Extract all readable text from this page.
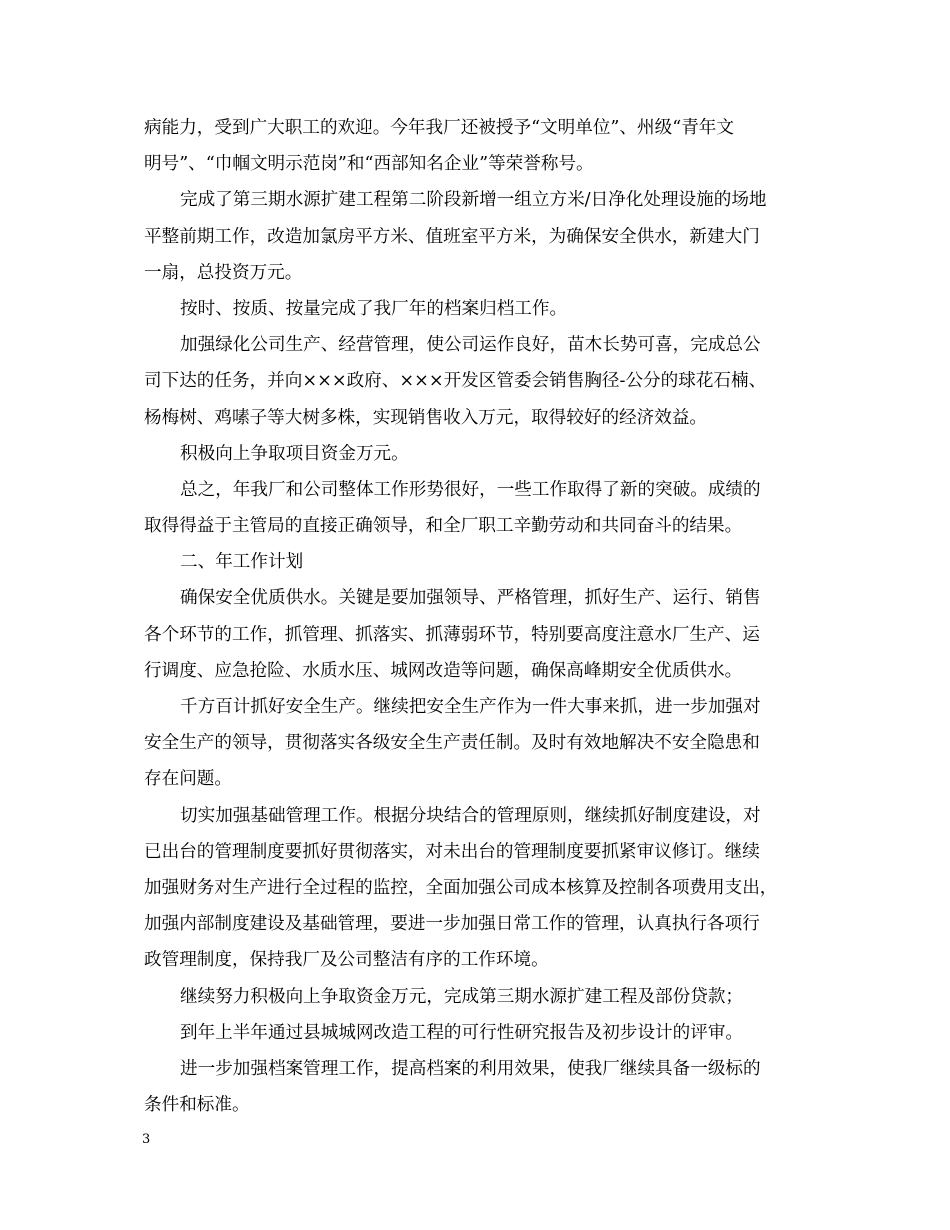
病能力，受到广大职工的欢迎。今年我厂还被授予“文明单位”、州级“青年文
明号”、“巾帼文明示范岗”和“西部知名企业”等荣誉称号。
完成了第三期水源扩建工程第二阶段新增一组立方米/日净化处理设施的场地
平整前期工作，改造加氯房平方米、值班室平方米，为确保安全供水，新建大门
一扇，总投资万元。
按时、按质、按量完成了我厂年的档案归档工作。
加强绿化公司生产、经营管理，使公司运作良好，苗木长势可喜，完成总公
司下达的任务，并向×××政府、×××开发区管委会销售胸径-公分的球花石楠、
杨梅树、鸡嗉子等大树多株，实现销售收入万元，取得较好的经济效益。
积极向上争取项目资金万元。
总之，年我厂和公司整体工作形势很好，一些工作取得了新的突破。成绩的
取得得益于主管局的直接正确领导，和全厂职工辛勤劳动和共同奋斗的结果。
二、年工作计划
确保安全优质供水。关键是要加强领导、严格管理，抓好生产、运行、销售
各个环节的工作，抓管理、抓落实、抓薄弱环节，特别要高度注意水厂生产、运
行调度、应急抢险、水质水压、城网改造等问题，确保高峰期安全优质供水。
千方百计抓好安全生产。继续把安全生产作为一件大事来抓，进一步加强对
安全生产的领导，贯彻落实各级安全生产责任制。及时有效地解决不安全隐患和
存在问题。
切实加强基础管理工作。根据分块结合的管理原则，继续抓好制度建设，对
已出台的管理制度要抓好贯彻落实，对未出台的管理制度要抓紧审议修订。继续
加强财务对生产进行全过程的监控，全面加强公司成本核算及控制各项费用支出，
加强内部制度建设及基础管理，要进一步加强日常工作的管理，认真执行各项行
政管理制度，保持我厂及公司整洁有序的工作环境。
继续努力积极向上争取资金万元，完成第三期水源扩建工程及部份贷款；
到年上半年通过县城城网改造工程的可行性研究报告及初步设计的评审。
进一步加强档案管理工作，提高档案的利用效果，使我厂继续具备一级标的
条件和标准。
3
